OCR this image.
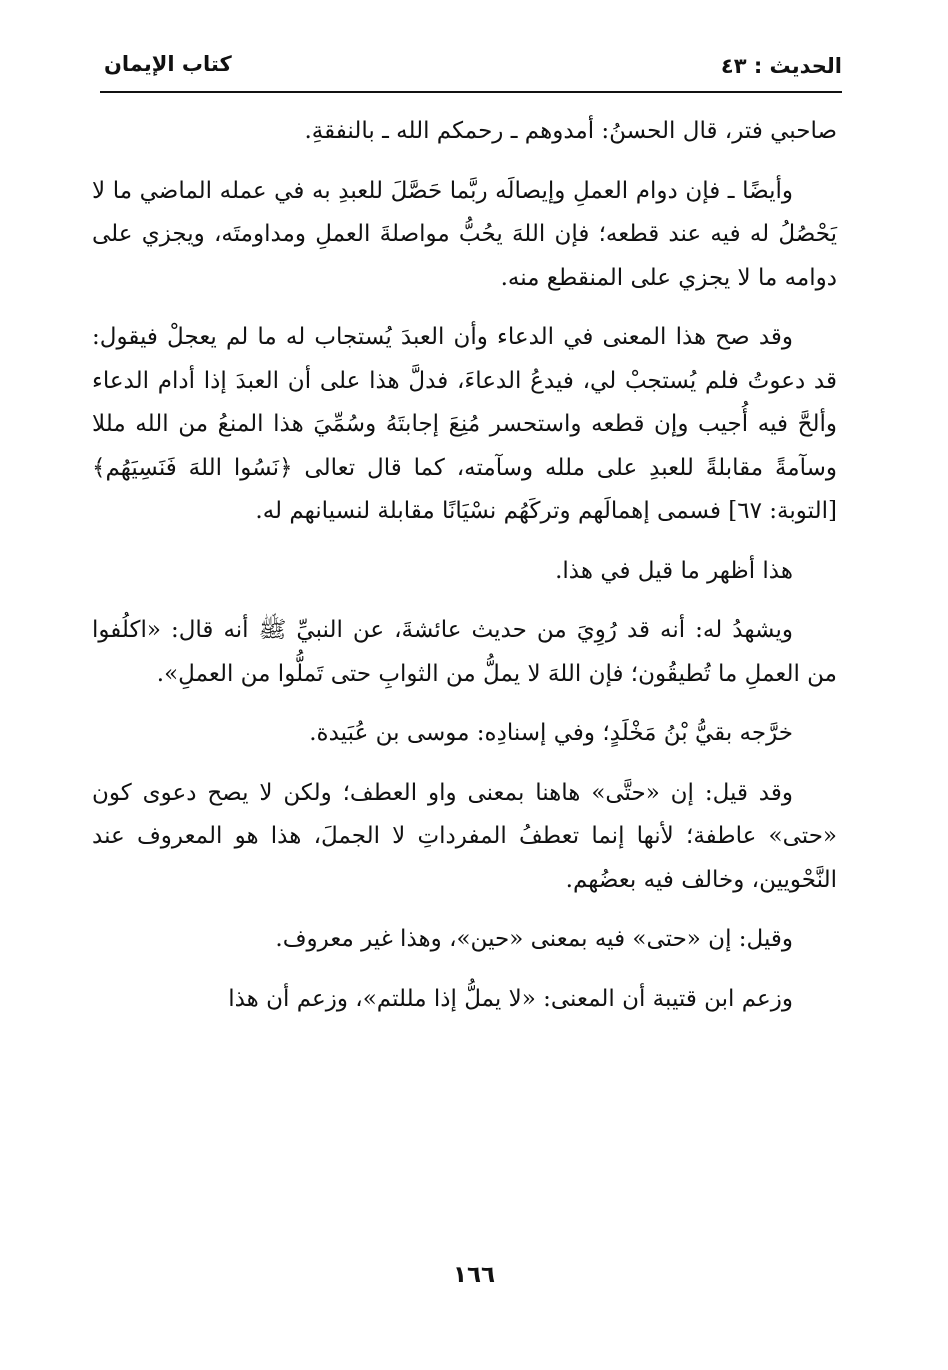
الحديث : ٤٣
كتاب الإيمان

صاحبي فتر، قال الحسنُ: أمدوهم ـ رحمكم الله ـ بالنفقةِ.

وأيضًا ـ فإن دوام العملِ وإيصالَه ربَّما حَصَّلَ للعبدِ به في عمله الماضي ما لا يَحْصُلُ له فيه عند قطعه؛ فإن اللهَ يحُبُّ مواصلةَ العملِ ومداومتَه، ويجزي على دوامه ما لا يجزي على المنقطع منه.

وقد صح هذا المعنى في الدعاء وأن العبدَ يُستجاب له ما لم يعجلْ فيقول: قد دعوتُ فلم يُستجبْ لي، فيدعُ الدعاءَ، فدلَّ هذا على أن العبدَ إذا أدام الدعاء وألحَّ فيه أُجيب وإن قطعه واستحسر مُنِعَ إجابتَهُ وسُمِّيَ هذا المنعُ من الله مللا وسآمةً مقابلةً للعبدِ على ملله وسآمته، كما قال تعالى ﴿نَسُوا اللهَ فَنَسِيَهُم﴾ [التوبة: ٦٧] فسمى إهمالَهم وتركَهُم نسْيَانًا مقابلة لنسيانهم له.

هذا أظهر ما قيل في هذا.

ويشهدُ له: أنه قد رُوِيَ من حديث عائشةَ، عن النبيِّ ﷺ أنه قال: «اكلُفوا من العملِ ما تُطيقُون؛ فإن اللهَ لا يملُّ من الثوابِ حتى تَملُّوا من العملِ».

خرَّجه بقيُّ بْنُ مَخْلَدٍ؛ وفي إسنادِه: موسى بن عُبَيدة.

وقد قيل: إن «حتَّى» هاهنا بمعنى واو العطف؛ ولكن لا يصح دعوى كون «حتى» عاطفة؛ لأنها إنما تعطفُ المفرداتِ لا الجملَ، هذا هو المعروف عند النَّحْويين، وخالف فيه بعضُهم.

وقيل: إن «حتى» فيه بمعنى «حين»، وهذا غير معروف.

وزعم ابن قتيبة أن المعنى: «لا يملُّ إذا مللتم»، وزعم أن هذا

١٦٦
